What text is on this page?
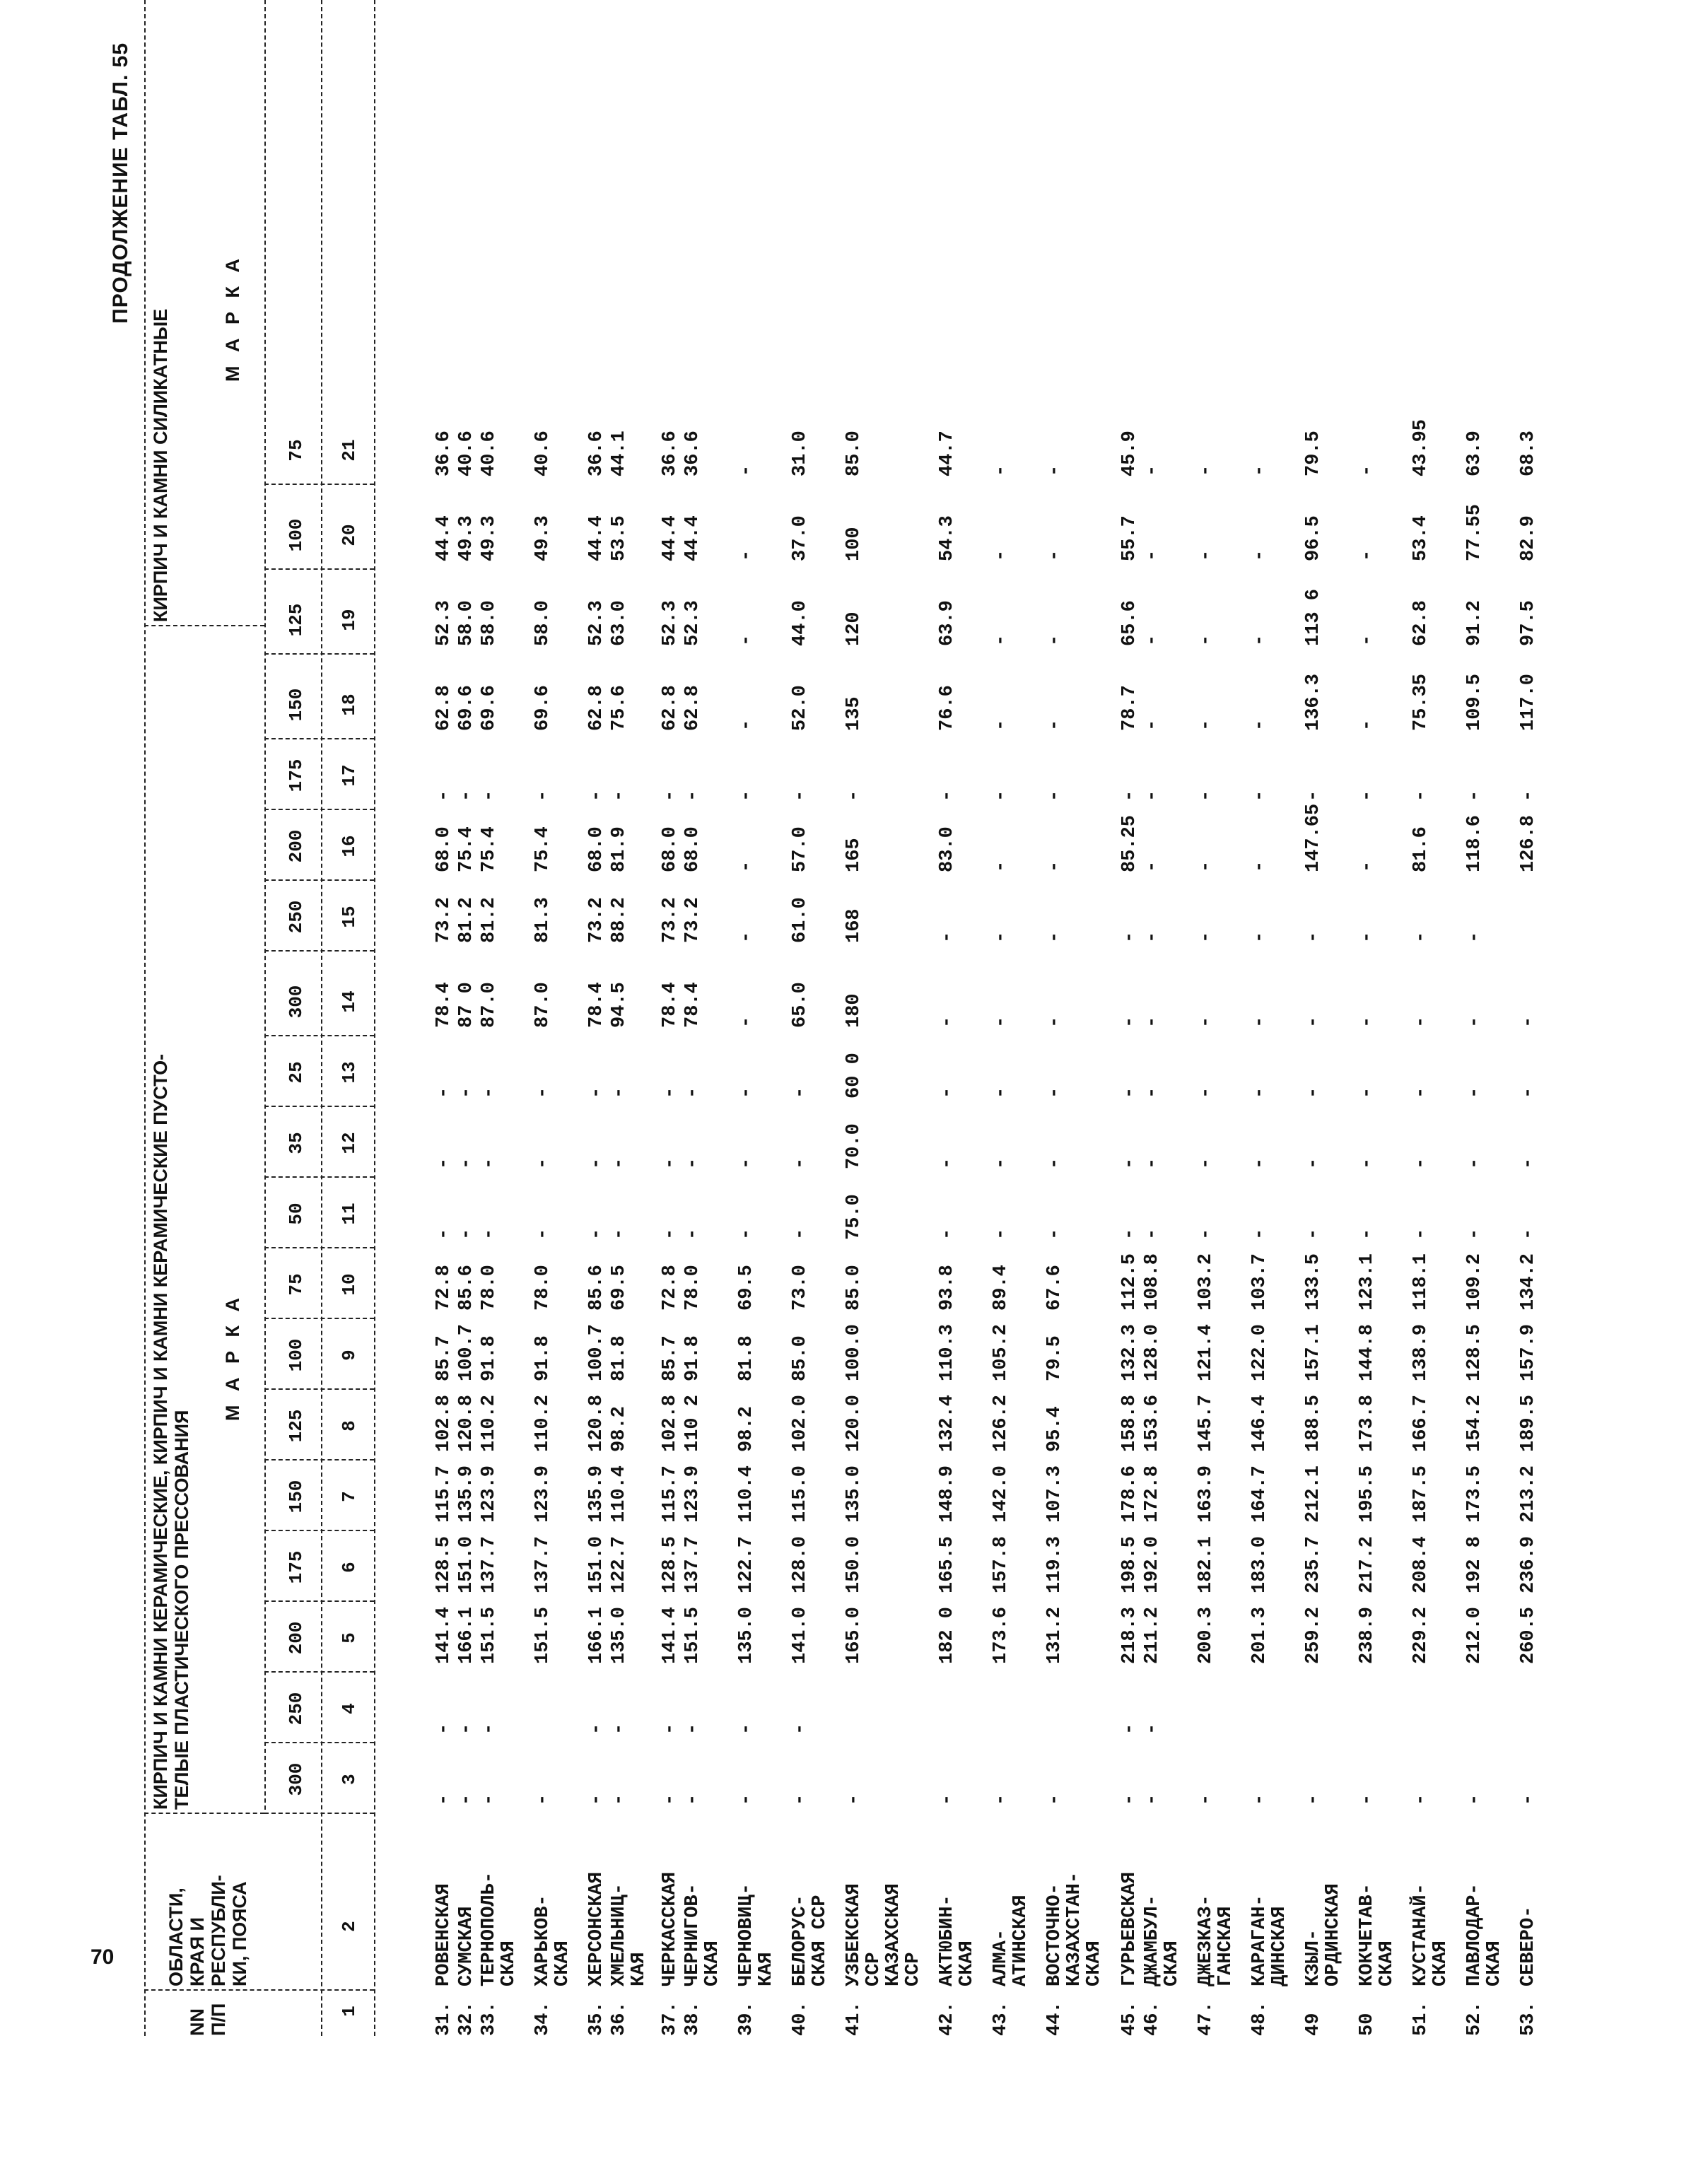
70
ПРОДОЛЖЕНИЕ ТАБЛ. 55
NN
П/П
ОБЛАСТИ,
КРАЯ И
РЕСПУБЛИ-
КИ, ПОЯСА
КИРПИЧ И КАМНИ КЕРАМИЧЕСКИЕ, КИРПИЧ И КАМНИ КЕРАМИЧЕСКИЕ ПУСТО-
ТЕЛЫЕ ПЛАСТИЧЕСКОГО ПРЕССОВАНИЯ
КИРПИЧ И КАМНИ СИЛИКАТНЫЕ
М А Р К А
М А Р К А
300
250
200
175
150
125
100
75
50
35
25
300
250
200
175
150
125
100
75
1
2
3
4
5
6
7
8
9
10
11
12
13
14
15
16
17
18
19
20
21
31.
РОВЕНСКАЯ
-
-
141.4
128.5
115.7
102.8
85.7
72.8
-
-
-
78.4
73.2
68.0
-
62.8
52.3
44.4
36.6
32.
СУМСКАЯ
-
-
166.1
151.0
135.9
120.8
100.7
85.6
-
-
-
87 0
81.2
75.4
-
69.6
58.0
49.3
40.6
33.
ТЕРНОПОЛЬ-
СКАЯ
-
-
151.5
137.7
123.9
110.2
91.8
78.0
-
-
-
87.0
81.2
75.4
-
69.6
58.0
49.3
40.6
34.
ХАРЬКОВ-
СКАЯ
-
151.5
137.7
123.9
110.2
91.8
78.0
-
-
-
87.0
81.3
75.4
-
69.6
58.0
49.3
40.6
35.
ХЕРСОНСКАЯ
-
-
166.1
151.0
135.9
120.8
100.7
85.6
-
-
-
78.4
73.2
68.0
-
62.8
52.3
44.4
36.6
36.
ХМЕЛЬНИЦ-
КАЯ
-
-
135.0
122.7
110.4
98.2
81.8
69.5
-
-
-
94.5
88.2
81.9
-
75.6
63.0
53.5
44.1
37.
ЧЕРКАССКАЯ
-
-
141.4
128.5
115.7
102.8
85.7
72.8
-
-
-
78.4
73.2
68.0
-
62.8
52.3
44.4
36.6
38.
ЧЕРНИГОВ-
СКАЯ
-
-
151.5
137.7
123.9
110 2
91.8
78.0
-
-
-
78.4
73.2
68.0
-
62.8
52.3
44.4
36.6
39.
ЧЕРНОВИЦ-
КАЯ
-
-
135.0
122.7
110.4
98.2
81.8
69.5
-
-
-
-
-
-
-
-
-
-
-
40.
БЕЛОРУС-
СКАЯ ССР
-
-
141.0
128.0
115.0
102.0
85.0
73.0
-
-
-
65.0
61.0
57.0
-
52.0
44.0
37.0
31.0
41.
УЗБЕКСКАЯ
ССР
КАЗАХСКАЯ
ССР
-
165.0
150.0
135.0
120.0
100.0
85.0
75.0
70.0
60 0
180
168
165
-
135
120
100
85.0
42.
АКТЮБИН-
СКАЯ
-
182 0
165.5
148.9
132.4
110.3
93.8
-
-
-
-
-
83.0
-
76.6
63.9
54.3
44.7
43.
АЛМА-
АТИНСКАЯ
-
173.6
157.8
142.0
126.2
105.2
89.4
-
-
-
-
-
-
-
-
-
-
-
44.
ВОСТОЧНО-
КАЗАХСТАН-
СКАЯ
-
131.2
119.3
107.3
95.4
79.5
67.6
-
-
-
-
-
-
-
-
-
-
-
45.
ГУРЬЕВСКАЯ
-
-
218.3
198.5
178.6
158.8
132.3
112.5
-
-
-
-
-
85.25
-
78.7
65.6
55.7
45.9
46.
ДЖАМБУЛ-
СКАЯ
-
-
211.2
192.0
172.8
153.6
128.0
108.8
-
-
-
-
-
-
-
-
-
-
-
47.
ДЖЕЗКАЗ-
ГАНСКАЯ
-
200.3
182.1
163.9
145.7
121.4
103.2
-
-
-
-
-
-
-
-
-
-
-
48.
КАРАГАН-
ДИНСКАЯ
-
201.3
183.0
164.7
146.4
122.0
103.7
-
-
-
-
-
-
-
-
-
-
-
49
КЗЫЛ-
ОРДИНСКАЯ
-
259.2
235.7
212.1
188.5
157.1
133.5
-
-
-
-
-
147.65
-
136.3
113 6
96.5
79.5
50
КОКЧЕТАВ-
СКАЯ
-
238.9
217.2
195.5
173.8
144.8
123.1
-
-
-
-
-
-
-
-
-
-
-
51.
КУСТАНАЙ-
СКАЯ
-
229.2
208.4
187.5
166.7
138.9
118.1
-
-
-
-
-
81.6
-
75.35
62.8
53.4
43.95
52.
ПАВЛОДАР-
СКАЯ
-
212.0
192 8
173.5
154.2
128.5
109.2
-
-
-
-
-
118.6
-
109.5
91.2
77.55
63.9
53.
СЕВЕРО-
-
260.5
236.9
213.2
189.5
157.9
134.2
-
-
-
-
126.8
-
117.0
97.5
82.9
68.3
